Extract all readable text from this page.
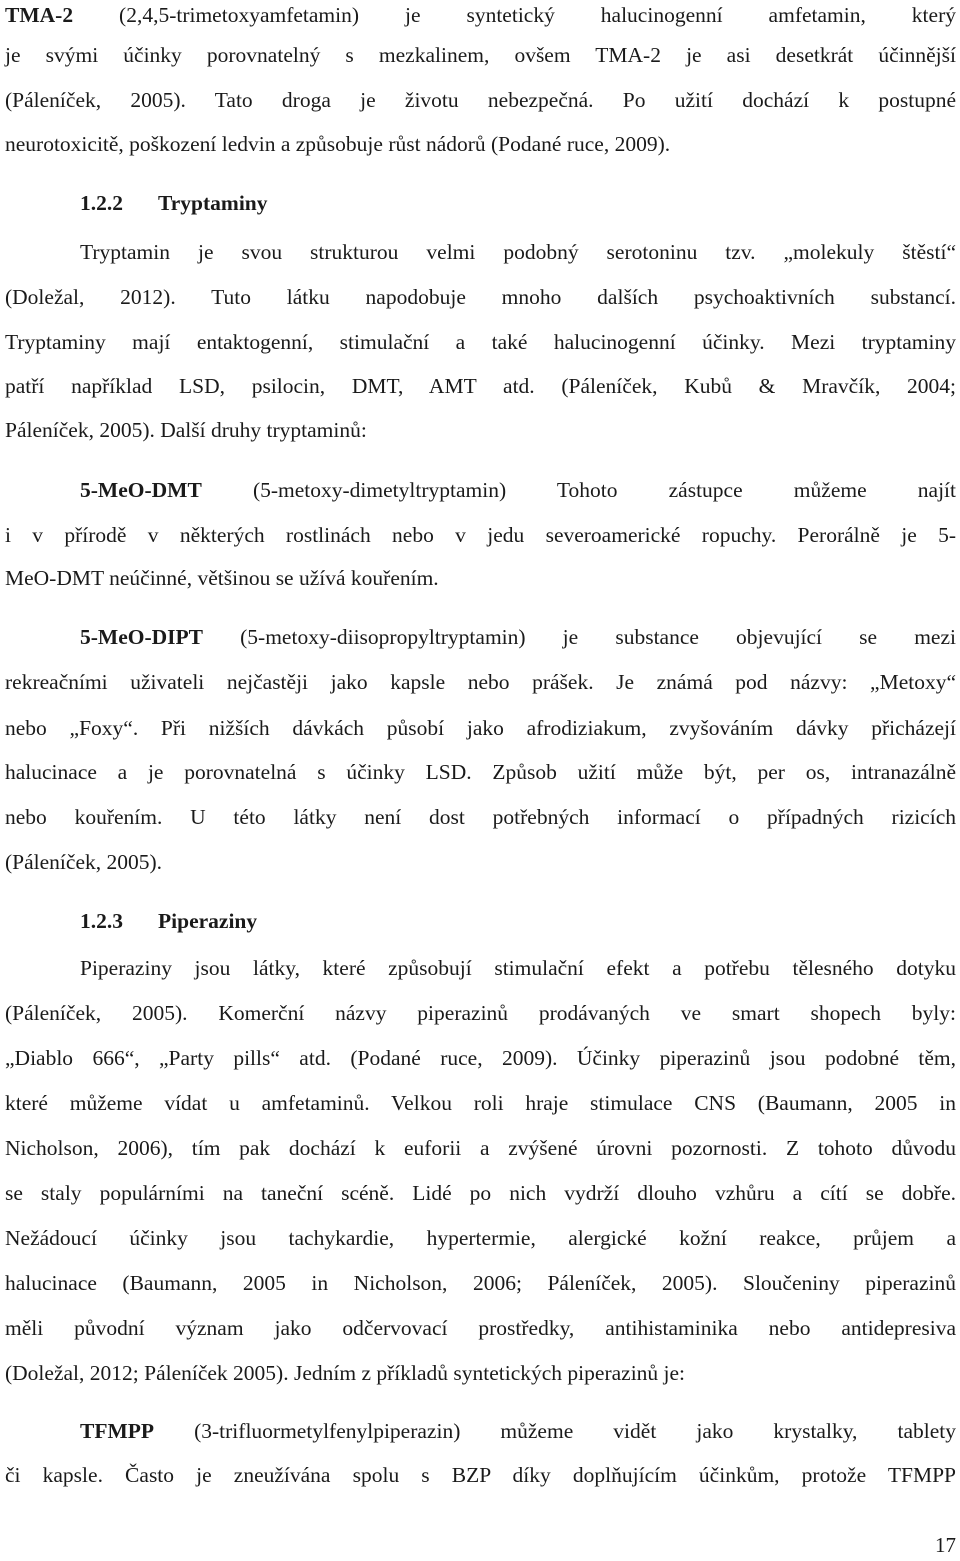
TMA-2 (2,4,5-trimetoxyamfetamin) je syntetický halucinogenní amfetamin, který
je svými účinky porovnatelný s mezkalinem, ovšem TMA-2 je asi desetkrát účinnější
(Páleníček, 2005). Tato droga je životu nebezpečná. Po užití dochází k postupné
neurotoxicitě, poškození ledvin a způsobuje růst nádorů (Podané ruce, 2009).
1.2.2 Tryptaminy
Tryptamin je svou strukturou velmi podobný serotoninu tzv. „molekuly štěstí“
(Doležal, 2012). Tuto látku napodobuje mnoho dalších psychoaktivních substancí.
Tryptaminy mají entaktogenní, stimulační a také halucinogenní účinky. Mezi tryptaminy
patří například LSD, psilocin, DMT, AMT atd. (Páleníček, Kubů & Mravčík, 2004;
Páleníček, 2005). Další druhy tryptaminů:
5-MeO-DMT (5-metoxy-dimetyltryptamin) Tohoto zástupce můžeme najít
i v přírodě v některých rostlinách nebo v jedu severoamerické ropuchy. Perorálně je 5-
MeO-DMT neúčinné, většinou se užívá kouřením.
5-MeO-DIPT (5-metoxy-diisopropyltryptamin) je substance objevující se mezi
rekreačními uživateli nejčastěji jako kapsle nebo prášek. Je známá pod názvy: „Metoxy“
nebo „Foxy“. Při nižších dávkách působí jako afrodiziakum, zvyšováním dávky přicházejí
halucinace a je porovnatelná s účinky LSD. Způsob užití může být, per os, intranazálně
nebo kouřením. U této látky není dost potřebných informací o případných rizicích
(Páleníček, 2005).
1.2.3 Piperaziny
Piperaziny jsou látky, které způsobují stimulační efekt a potřebu tělesného dotyku
(Páleníček, 2005). Komerční názvy piperazinů prodávaných ve smart shopech byly:
„Diablo 666“, „Party pills“ atd. (Podané ruce, 2009). Účinky piperazinů jsou podobné těm,
které můžeme vídat u amfetaminů. Velkou roli hraje stimulace CNS (Baumann, 2005 in
Nicholson, 2006), tím pak dochází k euforii a zvýšené úrovni pozornosti. Z tohoto důvodu
se staly populárními na taneční scéně. Lidé po nich vydrží dlouho vzhůru a cítí se dobře.
Nežádoucí účinky jsou tachykardie, hypertermie, alergické kožní reakce, průjem a
halucinace (Baumann, 2005 in Nicholson, 2006; Páleníček, 2005). Sloučeniny piperazinů
měli původní význam jako odčervovací prostředky, antihistaminika nebo antidepresiva
(Doležal, 2012; Páleníček 2005). Jedním z příkladů syntetických piperazinů je:
TFMPP (3-trifluormetylfenylpiperazin) můžeme vidět jako krystalky, tablety
či kapsle. Často je zneužívána spolu s BZP díky doplňujícím účinkům, protože TFMPP
17
